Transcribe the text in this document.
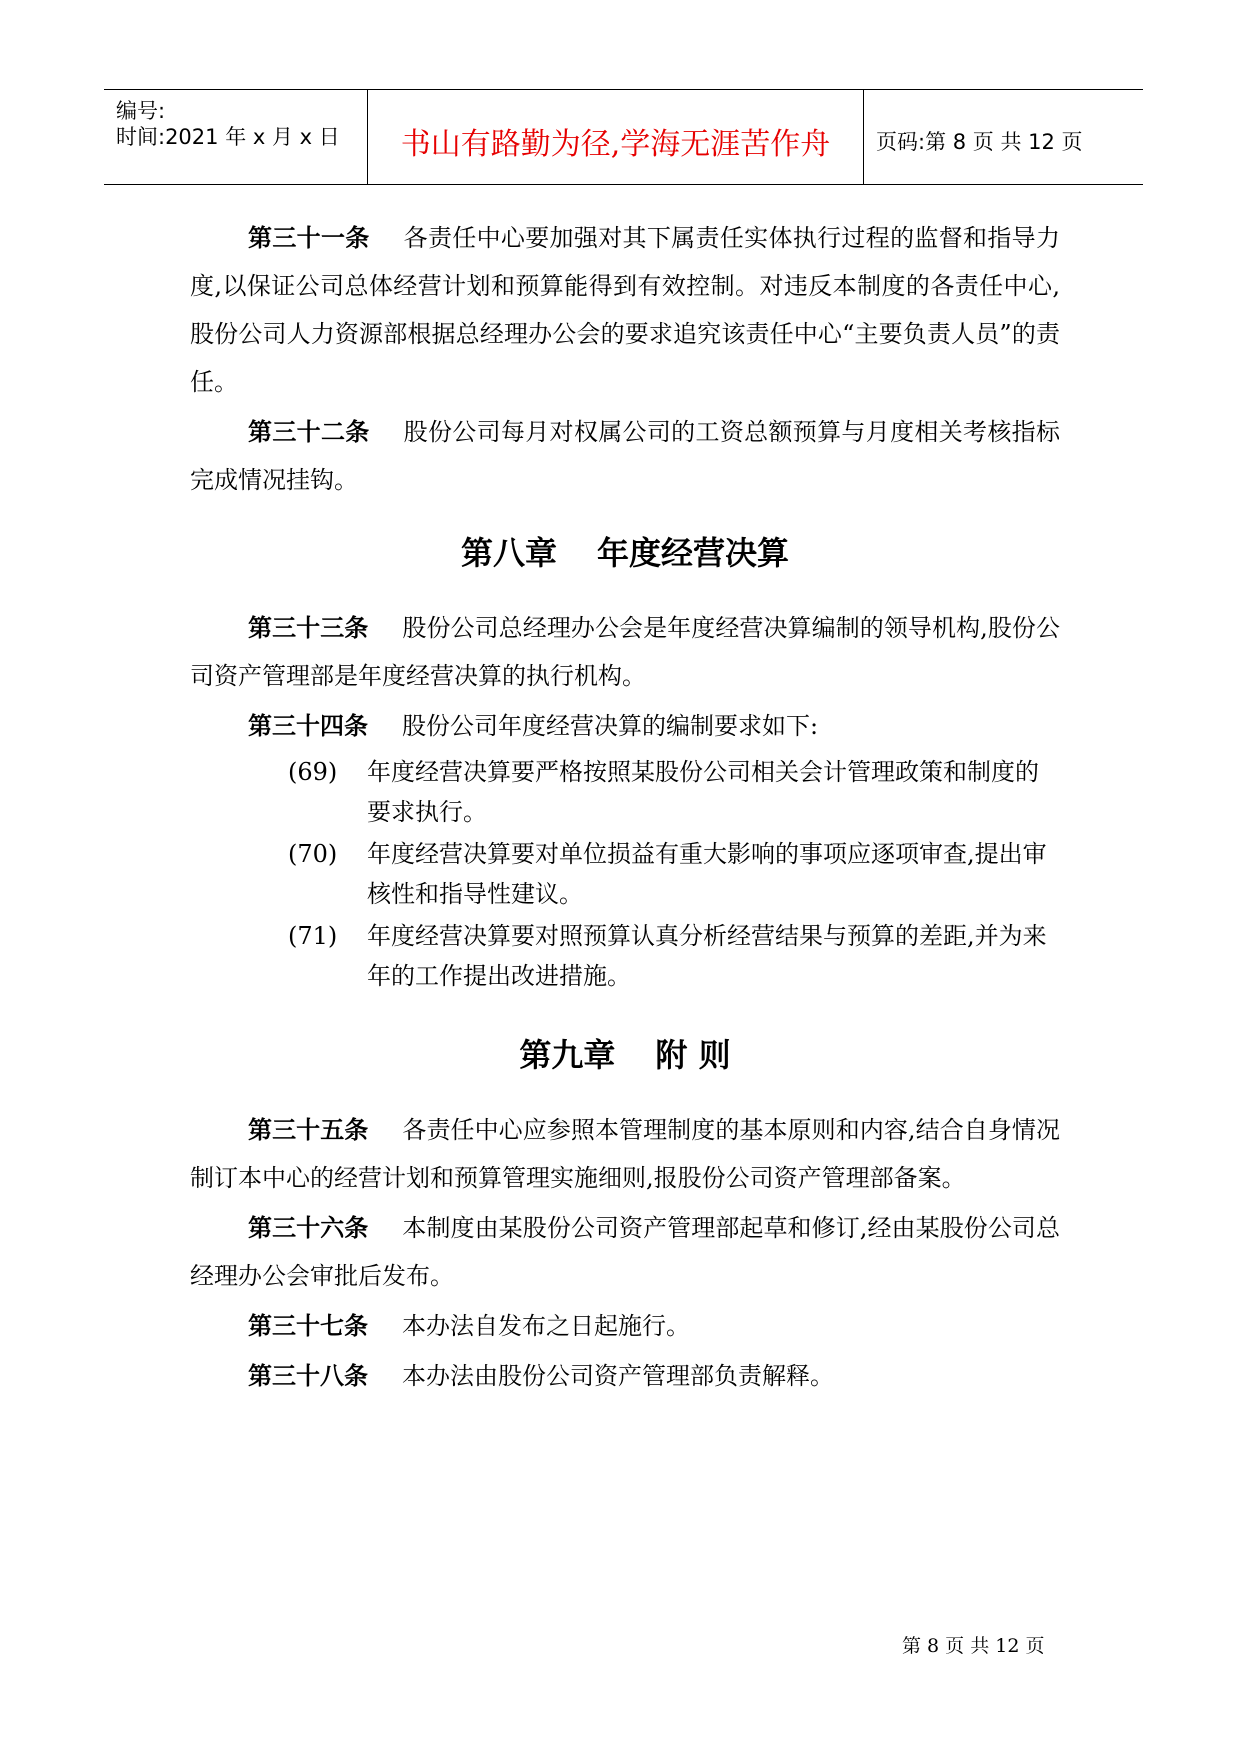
编号:
时间:2021 年 x 月 x 日	书山有路勤为径,学海无涯苦作舟	页码:第 8 页 共 12 页

第三十一条 各责任中心要加强对其下属责任实体执行过程的监督和指导力度,以保证公司总体经营计划和预算能得到有效控制。对违反本制度的各责任中心,股份公司人力资源部根据总经理办公会的要求追究该责任中心“主要负责人员”的责任。

第三十二条 股份公司每月对权属公司的工资总额预算与月度相关考核指标完成情况挂钩。

第八章 年度经营决算

第三十三条 股份公司总经理办公会是年度经营决算编制的领导机构,股份公司资产管理部是年度经营决算的执行机构。

第三十四条 股份公司年度经营决算的编制要求如下:

(69) 年度经营决算要严格按照某股份公司相关会计管理政策和制度的要求执行。
(70) 年度经营决算要对单位损益有重大影响的事项应逐项审查,提出审核性和指导性建议。
(71) 年度经营决算要对照预算认真分析经营结果与预算的差距,并为来年的工作提出改进措施。
第九章 附 则

第三十五条 各责任中心应参照本管理制度的基本原则和内容,结合自身情况制订本中心的经营计划和预算管理实施细则,报股份公司资产管理部备案。

第三十六条 本制度由某股份公司资产管理部起草和修订,经由某股份公司总经理办公会审批后发布。

第三十七条 本办法自发布之日起施行。

第三十八条 本办法由股份公司资产管理部负责解释。

第 8 页 共 12 页
